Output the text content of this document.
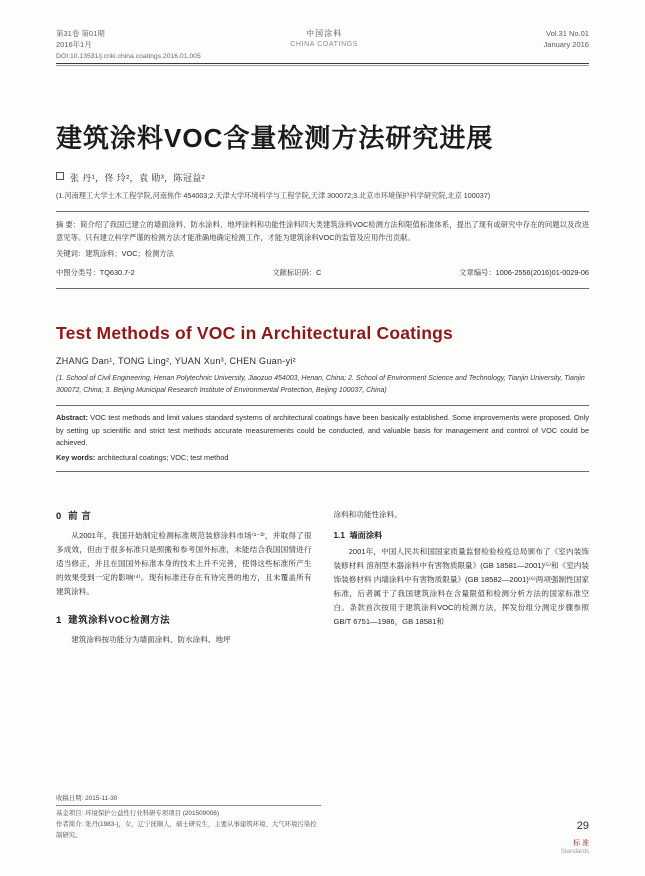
第31卷 第01期
2016年1月
中国涂料
CHINA COATINGS
Vol.31 No.01
January 2016
DOI:10.13531/j.cnki.china.coatings.2016.01.005
建筑涂料VOC含量检测方法研究进展
张 丹¹，佟 玲²，袁 勋³，陈冠益²
(1.河南理工大学土木工程学院,河南焦作 454003;2.天津大学环境科学与工程学院,天津 300072;3.北京市环境保护科学研究院,北京 100037)

摘 要：简介绍了我国已建立的墙面涂料、防水涂料、地坪涂料和功能性涂料四大类建筑涂料VOC检测方法和限值标准体系，提出了现有或研究中存在的问题以及改进意见等。只有建立科学严谨的检测方法才能准确地确定检测工作，才能为建筑涂料VOC的监管及应用作出贡献。

关键词：建筑涂料；VOC；检测方法

中图分类号：TQ630.7-2	文献标识码：C	文章编号：1006-2556(2016)01-0029-06
Test Methods of VOC in Architectural Coatings
ZHANG Dan¹, TONG Ling², YUAN Xun³, CHEN Guan-yi²
(1. School of Civil Engineering, Henan Polytechnic University, Jiaozuo 454003, Henan, China; 2. School of Environment Science and Technology, Tianjin University, Tianjin 300072, China; 3. Beijing Municipal Research Institute of Environmental Protection, Beijing 100037, China)
Abstract: VOC test methods and limit values standard systems of architectural coatings have been basically established. Some improvements were proposed. Only by setting up scientific and strict test methods accurate measurements could be conducted, and valuable basis for management and control of VOC could be achieved.
Key words: architectural coatings; VOC; test method
0 前 言

从2001年，我国开始制定检测标准规范装修涂料市场⁽¹⁻³⁾，并取得了很多成效，但由于很多标准只是照搬和参考国外标准，未能结合我国国情进行适当修正，并且在国国外标准本身的技术上并不完善，使得这些标准所产生的效果受到一定的影响⁽⁴⁾。现有标准还存在有待完善的地方，且未覆盖所有建筑涂料。

1 建筑涂料VOC检测方法

建筑涂料按功能分为墙面涂料、防水涂料、地坪

涂料和功能性涂料。

1.1 墙面涂料

2001年，中国人民共和国国家质量监督检验检疫总局颁布了《室内装饰装修材料 溶剂型木器涂料中有害物质限量》(GB 18581—2001)⁽⁵⁾和《室内装饰装修材料 内墙涂料中有害物质限量》(GB 18582—2001)⁽⁶⁾两项强制性国家标准，后者属于了我国建筑涂料在含量限值和检测分析方法的国家标准空白。条款首次按用于建筑涂料VOC的检测方法，挥发份组分测定步骤参照GB/T 6751—1986，GB 18581和

收稿日期: 2015-11-30
基金项目: 环境保护公益性行业科研专项项目 (201509006)
作者简介: 张丹(1983-)，女，辽宁抚顺人，硕士研究生，主要从事建筑环境、大气环境污染控制研究。
29
标 准
Standards
